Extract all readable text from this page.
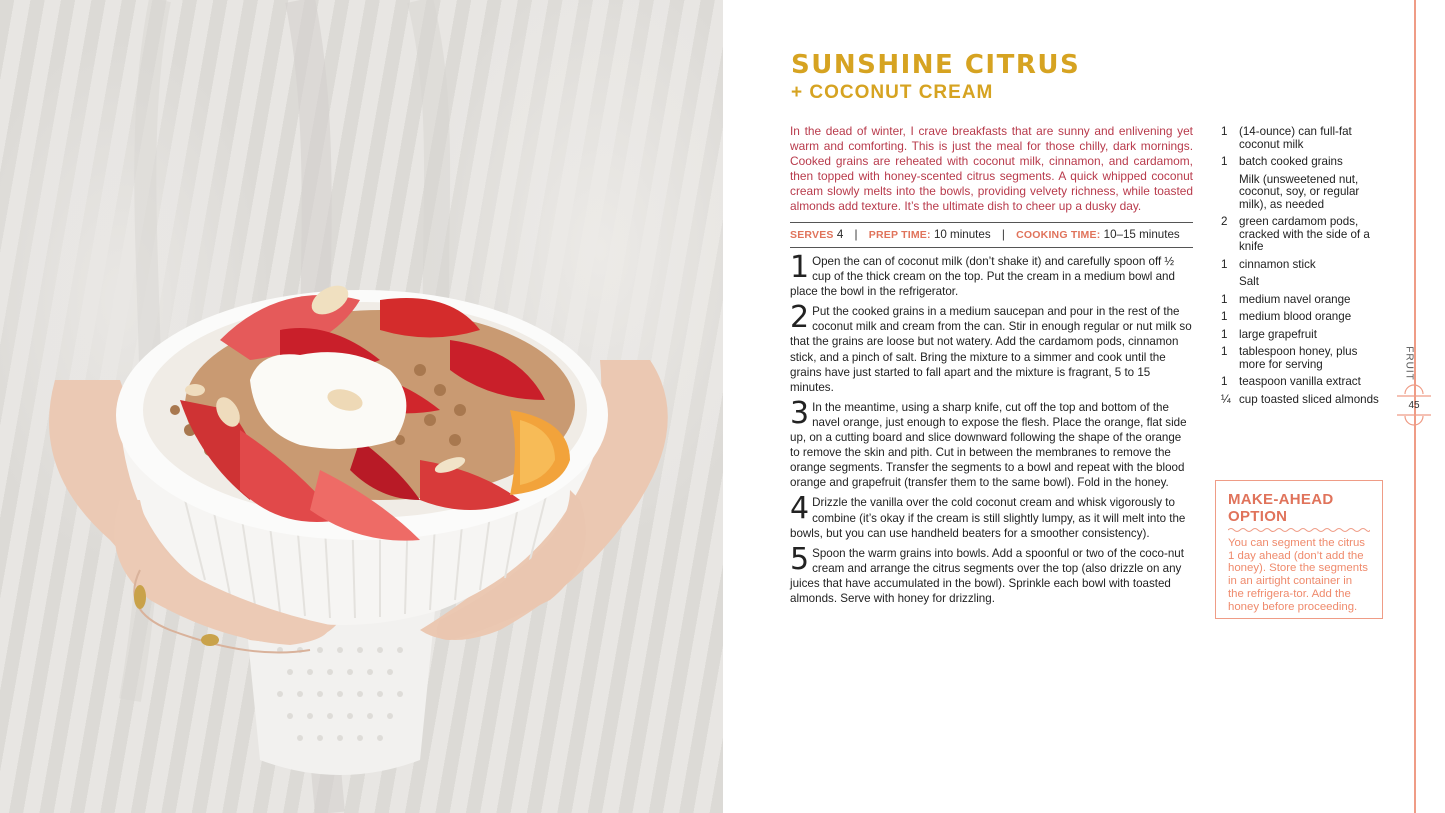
SUNSHINE CITRUS
+ COCONUT CREAM

In the dead of winter, I crave breakfasts that are sunny and enlivening yet warm and comforting. This is just the meal for those chilly, dark mornings. Cooked grains are reheated with coconut milk, cinnamon, and cardamom, then topped with honey-scented citrus segments. A quick whipped coconut cream slowly melts into the bowls, providing velvety richness, while toasted almonds add texture. It’s the ultimate dish to cheer up a dusky day.

SERVES 4 | PREP TIME: 10 minutes | COOKING TIME: 10–15 minutes

1 Open the can of coconut milk (don’t shake it) and carefully spoon off ½ cup of the thick cream on the top. Put the cream in a medium bowl and place the bowl in the refrigerator.

2 Put the cooked grains in a medium saucepan and pour in the rest of the coconut milk and cream from the can. Stir in enough regular or nut milk so that the grains are loose but not watery. Add the cardamom pods, cinnamon stick, and a pinch of salt. Bring the mixture to a simmer and cook until the grains have just started to fall apart and the mixture is fragrant, 5 to 15 minutes.

3 In the meantime, using a sharp knife, cut off the top and bottom of the navel orange, just enough to expose the flesh. Place the orange, flat side up, on a cutting board and slice downward following the shape of the orange to remove the skin and pith. Cut in between the membranes to remove the orange segments. Transfer the segments to a bowl and repeat with the blood orange and grapefruit (transfer them to the same bowl). Fold in the honey.

4 Drizzle the vanilla over the cold coconut cream and whisk vigorously to combine (it’s okay if the cream is still slightly lumpy, as it will melt into the bowls, but you can use handheld beaters for a smoother consistency).

5 Spoon the warm grains into bowls. Add a spoonful or two of the coco-nut cream and arrange the citrus segments over the top (also drizzle on any juices that have accumulated in the bowl). Sprinkle each bowl with toasted almonds. Serve with honey for drizzling.

1 (14-ounce) can full-fat coconut milk
1 batch cooked grains
Milk (unsweetened nut, coconut, soy, or regular milk), as needed
2 green cardamom pods, cracked with the side of a knife
1 cinnamon stick
Salt
1 medium navel orange
1 medium blood orange
1 large grapefruit
1 tablespoon honey, plus more for serving
1 teaspoon vanilla extract
¼ cup toasted sliced almonds
MAKE-AHEAD OPTION

You can segment the citrus 1 day ahead (don’t add the honey). Store the segments in an airtight container in the refrigera-tor. Add the honey before proceeding.

FRUIT
45
